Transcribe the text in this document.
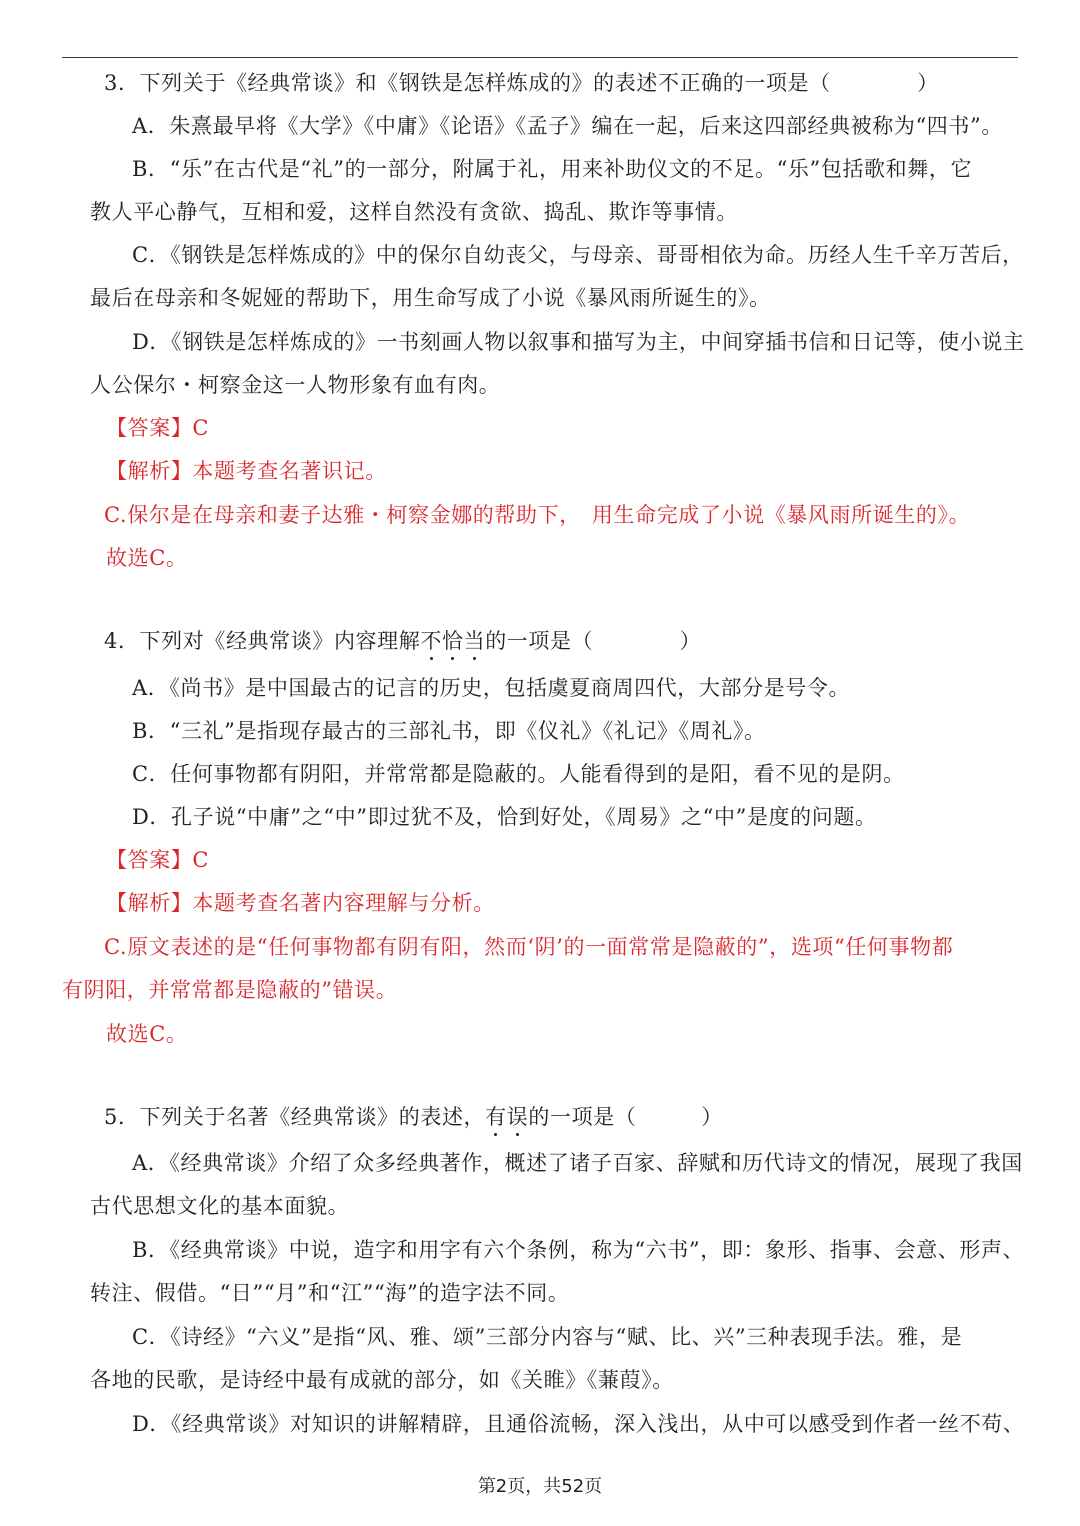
3．下列关于《经典常谈》和《钢铁是怎样炼成的》的表述不正确的一项是（　　　　）
A．朱熹最早将《大学》《中庸》《论语》《孟子》编在一起，后来这四部经典被称为“四书”。
B．“乐”在古代是“礼”的一部分，附属于礼，用来补助仪文的不足。“乐”包括歌和舞，它
教人平心静气，互相和爱，这样自然没有贪欲、捣乱、欺诈等事情。
C．《钢铁是怎样炼成的》中的保尔自幼丧父，与母亲、哥哥相依为命。历经人生千辛万苦后，
最后在母亲和冬妮娅的帮助下，用生命写成了小说《暴风雨所诞生的》。
D．《钢铁是怎样炼成的》一书刻画人物以叙事和描写为主，中间穿插书信和日记等，使小说主
人公保尔・柯察金这一人物形象有血有肉。
【答案】C
【解析】本题考查名著识记。
C.保尔是在母亲和妻子达雅・柯察金娜的帮助下，　用生命完成了小说《暴风雨所诞生的》。
故选C。
4．下列对《经典常谈》内容理解不恰当的一项是（　　　　）
A．《尚书》是中国最古的记言的历史，包括虞夏商周四代，大部分是号令。
B．“三礼”是指现存最古的三部礼书，即《仪礼》《礼记》《周礼》。
C．任何事物都有阴阳，并常常都是隐蔽的。人能看得到的是阳，看不见的是阴。
D．孔子说“中庸”之“中”即过犹不及，恰到好处，《周易》之“中”是度的问题。
【答案】C
【解析】本题考查名著内容理解与分析。
C.原文表述的是“任何事物都有阴有阳，然而‘阴’的一面常常是隐蔽的”，选项“任何事物都
有阴阳，并常常都是隐蔽的”错误。
故选C。
5．下列关于名著《经典常谈》的表述，有误的一项是（　　　）
A．《经典常谈》介绍了众多经典著作，概述了诸子百家、辞赋和历代诗文的情况，展现了我国
古代思想文化的基本面貌。
B．《经典常谈》中说，造字和用字有六个条例，称为“六书”，即：象形、指事、会意、形声、
转注、假借。“日”“月”和“江”“海”的造字法不同。
C．《诗经》“六义”是指“风、雅、颂”三部分内容与“赋、比、兴”三种表现手法。雅，是
各地的民歌，是诗经中最有成就的部分，如《关睢》《蒹葭》。
D．《经典常谈》对知识的讲解精辟，且通俗流畅，深入浅出，从中可以感受到作者一丝不苟、
第2页，共52页
